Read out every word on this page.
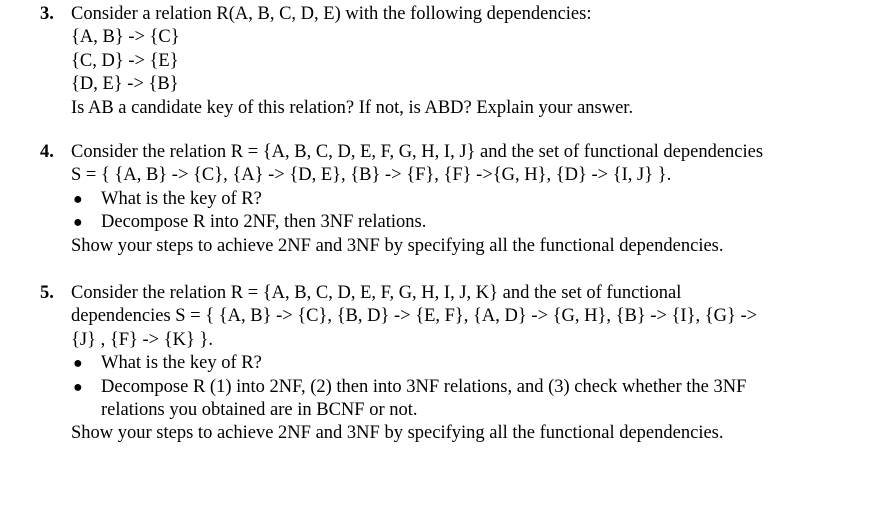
3. Consider a relation R(A, B, C, D, E) with the following dependencies:
{A, B} -> {C}
{C, D} -> {E}
{D, E} -> {B}
Is AB a candidate key of this relation? If not, is ABD? Explain your answer.
4. Consider the relation R = {A, B, C, D, E, F, G, H, I, J} and the set of functional dependencies
S = { {A, B} -> {C}, {A} -> {D, E}, {B} -> {F}, {F} ->{G, H}, {D} -> {I, J} }.
● What is the key of R?
● Decompose R into 2NF, then 3NF relations.
Show your steps to achieve 2NF and 3NF by specifying all the functional dependencies.
5. Consider the relation R = {A, B, C, D, E, F, G, H, I, J, K} and the set of functional
dependencies S = { {A, B} -> {C}, {B, D} -> {E, F}, {A, D} -> {G, H}, {B} -> {I}, {G} ->
{J} , {F} -> {K} }.
● What is the key of R?
● Decompose R (1) into 2NF, (2) then into 3NF relations, and (3) check whether the 3NF
relations you obtained are in BCNF or not.
Show your steps to achieve 2NF and 3NF by specifying all the functional dependencies.
